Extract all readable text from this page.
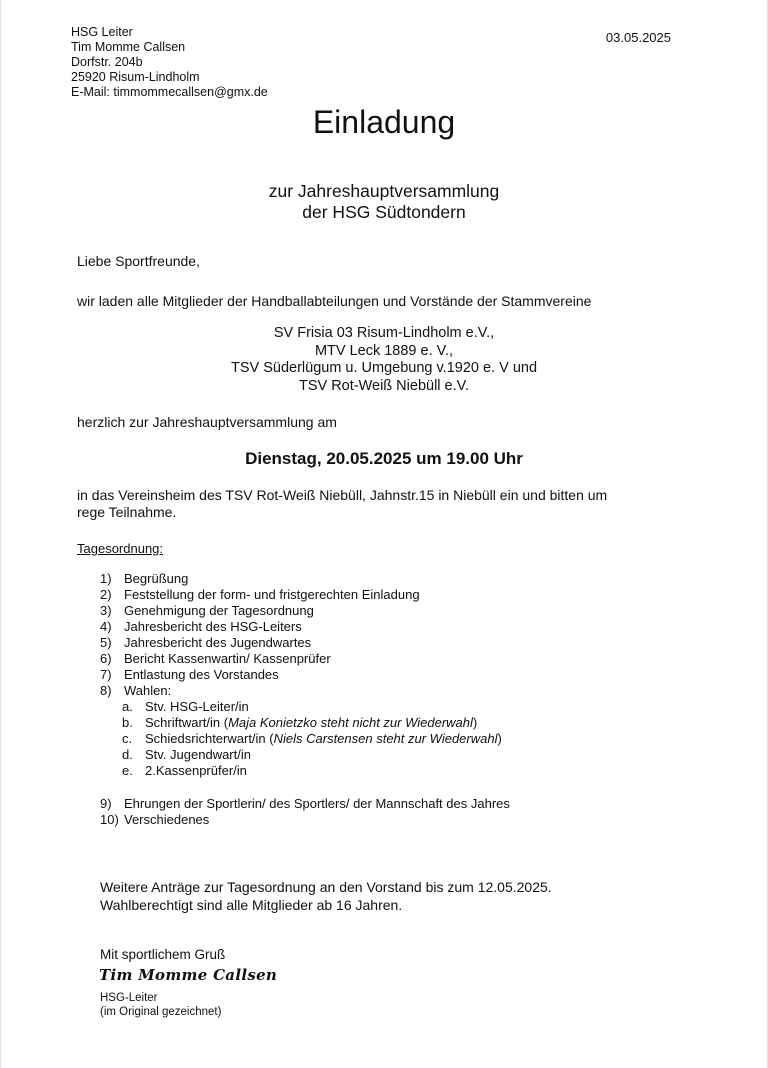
HSG Leiter
Tim Momme Callsen
Dorfstr. 204b
25920 Risum-Lindholm
E-Mail: timmommecallsen@gmx.de
03.05.2025
Einladung
zur Jahreshauptversammlung
der HSG Südtondern
Liebe Sportfreunde,
wir laden alle Mitglieder der Handballabteilungen und Vorstände der Stammvereine
SV Frisia 03 Risum-Lindholm e.V.,
MTV Leck 1889 e. V.,
TSV Süderlügum u. Umgebung v.1920 e. V und
TSV Rot-Weiß Niebüll e.V.
herzlich zur Jahreshauptversammlung am
Dienstag, 20.05.2025 um 19.00 Uhr
in das Vereinsheim des TSV Rot-Weiß Niebüll, Jahnstr.15 in Niebüll ein und bitten um
rege Teilnahme.
Tagesordnung:
1) Begrüßung
2) Feststellung der form- und fristgerechten Einladung
3) Genehmigung der Tagesordnung
4) Jahresbericht des HSG-Leiters
5) Jahresbericht des Jugendwartes
6) Bericht Kassenwartin/ Kassenprüfer
7) Entlastung des Vorstandes
8) Wahlen:
a. Stv. HSG-Leiter/in
b. Schriftwart/in (Maja Konietzko steht nicht zur Wiederwahl)
c. Schiedsrichterwart/in (Niels Carstensen steht zur Wiederwahl)
d. Stv. Jugendwart/in
e. 2.Kassenprüfer/in
9) Ehrungen der Sportlerin/ des Sportlers/ der Mannschaft des Jahres
10) Verschiedenes
Weitere Anträge zur Tagesordnung an den Vorstand bis zum 12.05.2025.
Wahlberechtigt sind alle Mitglieder ab 16 Jahren.
Mit sportlichem Gruß
Tim Momme Callsen
HSG-Leiter
(im Original gezeichnet)
